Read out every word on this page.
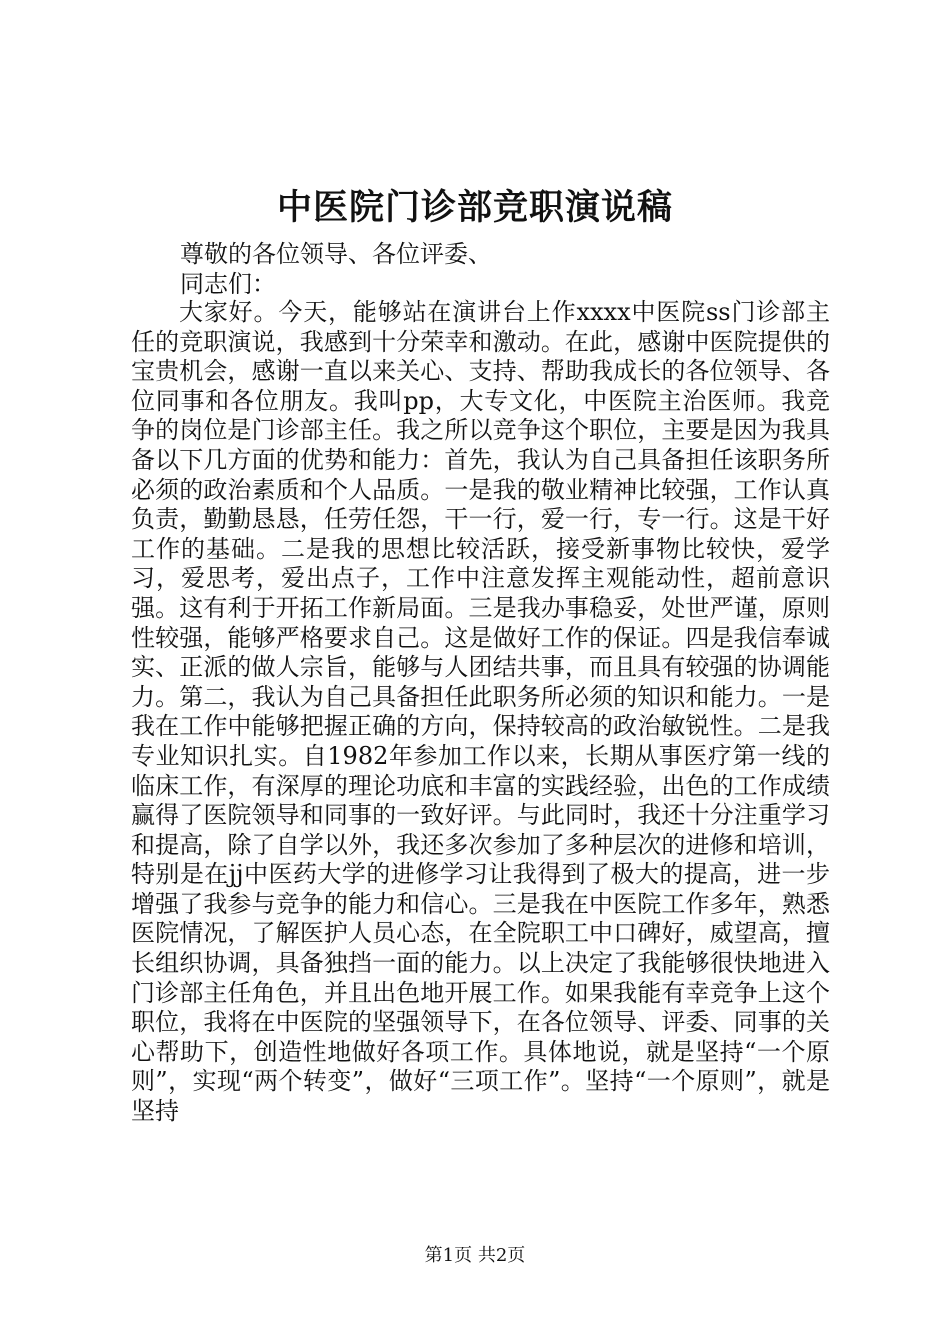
中医院门诊部竞职演说稿
尊敬的各位领导、各位评委、
同志们：

大家好。今天，能够站在演讲台上作xxxx中医院ss门诊部主任的竞职演说，我感到十分荣幸和激动。在此，感谢中医院提供的宝贵机会，感谢一直以来关心、支持、帮助我成长的各位领导、各位同事和各位朋友。我叫pp，大专文化，中医院主治医师。我竞争的岗位是门诊部主任。我之所以竞争这个职位，主要是因为我具备以下几方面的优势和能力：首先，我认为自己具备担任该职务所必须的政治素质和个人品质。一是我的敬业精神比较强，工作认真负责，勤勤恳恳，任劳任怨，干一行，爱一行，专一行。这是干好工作的基础。二是我的思想比较活跃，接受新事物比较快，爱学习，爱思考，爱出点子，工作中注意发挥主观能动性，超前意识强。这有利于开拓工作新局面。三是我办事稳妥，处世严谨，原则性较强，能够严格要求自己。这是做好工作的保证。四是我信奉诚实、正派的做人宗旨，能够与人团结共事，而且具有较强的协调能力。第二，我认为自己具备担任此职务所必须的知识和能力。一是我在工作中能够把握正确的方向，保持较高的政治敏锐性。二是我专业知识扎实。自1982年参加工作以来，长期从事医疗第一线的临床工作，有深厚的理论功底和丰富的实践经验，出色的工作成绩赢得了医院领导和同事的一致好评。与此同时，我还十分注重学习和提高，除了自学以外，我还多次参加了多种层次的进修和培训，特别是在jj中医药大学的进修学习让我得到了极大的提高，进一步增强了我参与竞争的能力和信心。三是我在中医院工作多年，熟悉医院情况，了解医护人员心态，在全院职工中口碑好，威望高，擅长组织协调，具备独挡一面的能力。以上决定了我能够很快地进入门诊部主任角色，并且出色地开展工作。如果我能有幸竞争上这个职位，我将在中医院的坚强领导下，在各位领导、评委、同事的关心帮助下，创造性地做好各项工作。具体地说，就是坚持“一个原则”，实现“两个转变”，做好“三项工作”。坚持“一个原则”，就是坚持

第1页 共2页
